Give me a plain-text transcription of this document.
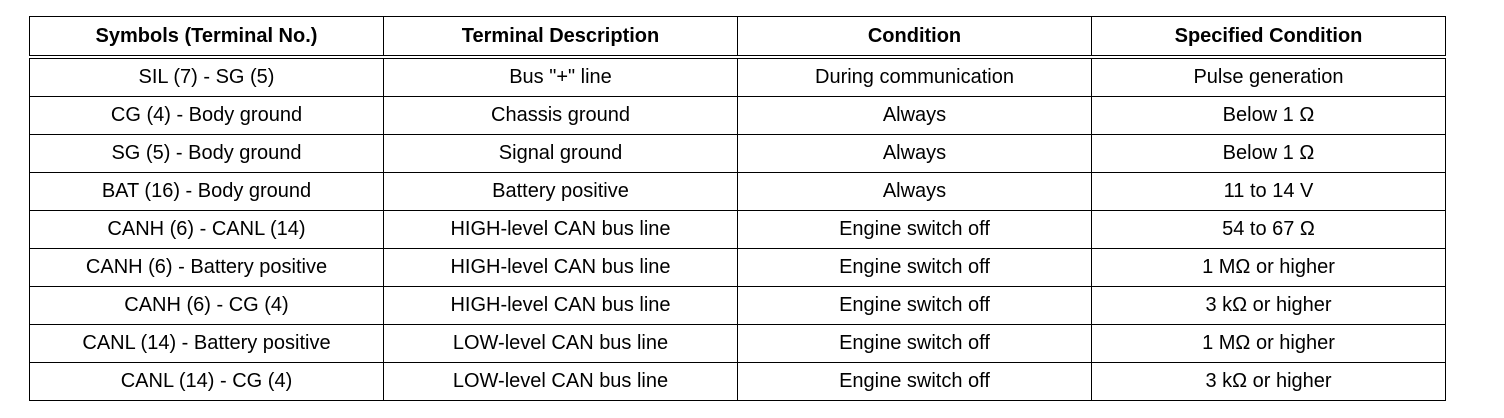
Symbols (Terminal No.)	Terminal Description	Condition	Specified Condition
SIL (7) - SG (5)	Bus "+" line	During communication	Pulse generation
CG (4) - Body ground	Chassis ground	Always	Below 1 Ω
SG (5) - Body ground	Signal ground	Always	Below 1 Ω
BAT (16) - Body ground	Battery positive	Always	11 to 14 V
CANH (6) - CANL (14)	HIGH-level CAN bus line	Engine switch off	54 to 67 Ω
CANH (6) - Battery positive	HIGH-level CAN bus line	Engine switch off	1 MΩ or higher
CANH (6) - CG (4)	HIGH-level CAN bus line	Engine switch off	3 kΩ or higher
CANL (14) - Battery positive	LOW-level CAN bus line	Engine switch off	1 MΩ or higher
CANL (14) - CG (4)	LOW-level CAN bus line	Engine switch off	3 kΩ or higher
